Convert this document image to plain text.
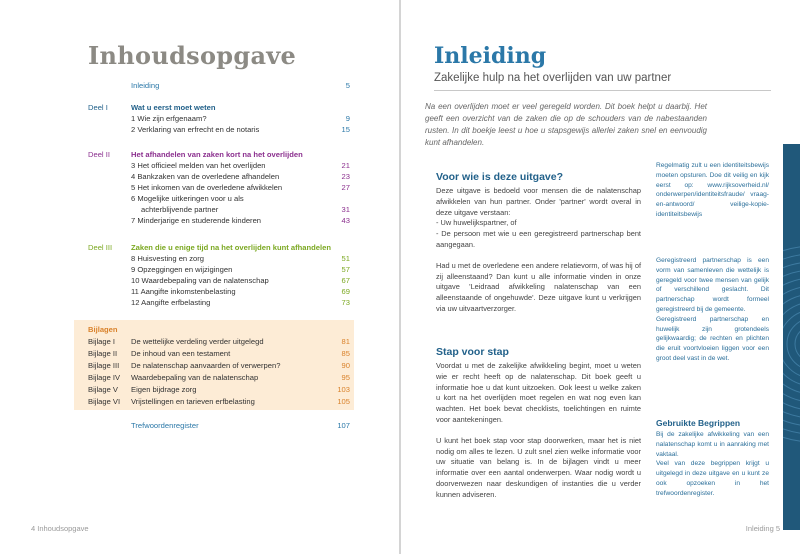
Inhoudsopgave
Inleiding	5
Deel I	Wat u eerst moet weten
1 Wie zijn erfgenaam?	9
2 Verklaring van erfrecht en de notaris	15
Deel II	Het afhandelen van zaken kort na het overlijden
3 Het officieel melden van het overlijden	21
4 Bankzaken van de overledene afhandelen	23
5 Het inkomen van de overledene afwikkelen	27
6 Mogelijke uitkeringen voor u als
achterblijvende partner	31
7 Minderjarige en studerende kinderen	43
Deel III Zaken die u enige tijd na het overlijden kunt afhandelen
8 Huisvesting en zorg	51
9 Opzeggingen en wijzigingen	57
10 Waardebepaling van de nalatenschap	67
11 Aangifte inkomstenbelasting	69
12 Aangifte erfbelasting	73
Bijlagen
Bijlage I De wettelijke verdeling verder uitgelegd	81
Bijlage II De inhoud van een testament	85
Bijlage III De nalatenschap aanvaarden of verwerpen?	90
Bijlage IV Waardebepaling van de nalatenschap	95
Bijlage V Eigen bijdrage zorg	103
Bijlage VI Vrijstellingen en tarieven erfbelasting	105
Trefwoordenregister	107
4 Inhoudsopgave
Inleiding
Zakelijke hulp na het overlijden van uw partner
Na een overlijden moet er veel geregeld worden. Dit boek helpt u daarbij. Het geeft een overzicht van de zaken die op de schouders van de nabestaanden rusten. In dit boekje leest u hoe u stapsgewijs allerlei zaken snel en eenvoudig kunt afhandelen.
Voor wie is deze uitgave?

Deze uitgave is bedoeld voor mensen die de nalatenschap afwikkelen van hun partner. Onder 'partner' wordt overal in deze uitgave verstaan:

- Uw huwelijkspartner, of

- De persoon met wie u een geregistreerd partnerschap bent aangegaan.

Had u met de overledene een andere relatievorm, of was hij of zij alleenstaand? Dan kunt u alle informatie vinden in onze uitgave 'Leidraad afwikkeling nalatenschap van een alleenstaande of ongehuwde'. Deze uitgave kunt u verkrijgen via uw uitvaartverzorger.

Stap voor stap

Voordat u met de zakelijke afwikkeling begint, moet u weten wie er recht heeft op de nalatenschap. Dit boek geeft u informatie hoe u dat kunt uitzoeken. Ook leest u welke zaken u kort na het overlijden moet regelen en wat nog even kan wachten. Het boek bevat checklists, toelichtingen en ruimte voor aantekeningen.

U kunt het boek stap voor stap doorwerken, maar het is niet nodig om alles te lezen. U zult snel zien welke informatie voor uw situatie van belang is. In de bijlagen vindt u meer informatie over een aantal onderwerpen. Waar nodig wordt u doorverwezen naar deskundigen of instanties die u verder kunnen adviseren.

Regelmatig zult u een identiteitsbewijs moeten opsturen. Doe dit veilig en kijk eerst op: www.rijksoverheid.nl/ onderwerpen/identiteitsfraude/ vraag-en-antwoord/ veilige-kopie-identiteitsbewijs

Geregistreerd partnerschap is een vorm van samenleven die wettelijk is geregeld voor twee mensen van gelijk of verschillend geslacht. Dit partnerschap wordt formeel geregistreerd bij de gemeente.

Geregistreerd partnerschap en huwelijk zijn grotendeels gelijkwaardig; de rechten en plichten die eruit voortvloeien liggen voor een groot deel vast in de wet.

Gebruikte Begrippen

Bij de zakelijke afwikkeling van een nalatenschap komt u in aanraking met vaktaal.

Veel van deze begrippen krijgt u uitgelegd in deze uitgave en u kunt ze ook opzoeken in het trefwoordenregister.

Inleiding 5
